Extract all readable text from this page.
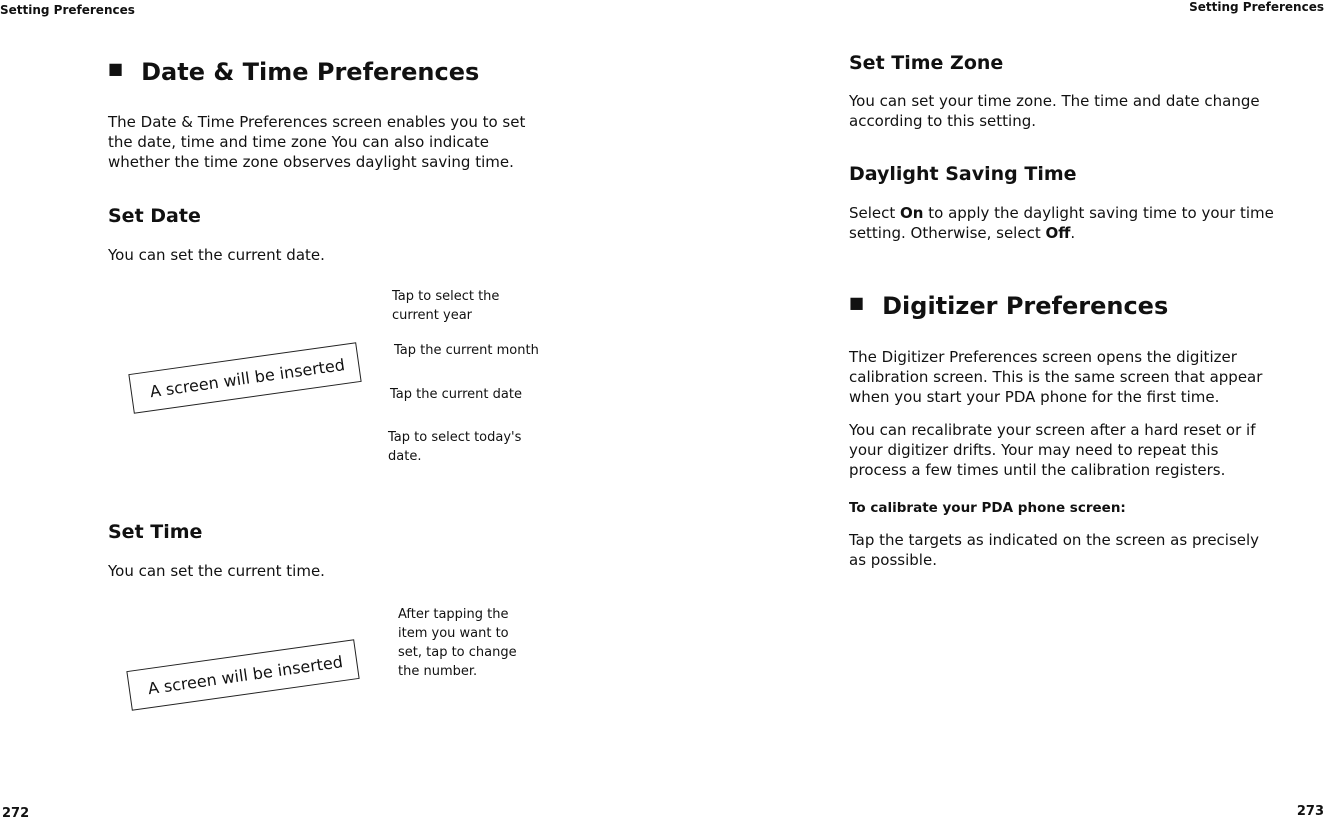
Setting Preferences
■ Date & Time Preferences
The Date & Time Preferences screen enables you to set
the date, time and time zone You can also indicate
whether the time zone observes daylight saving time.
Set Date
You can set the current date.
A screen will be inserted
Tap to select the
current year
Tap the current month
Tap the current date
Tap to select today's
date.
Set Time
You can set the current time.
A screen will be inserted
After tapping the
item you want to
set, tap to change
the number.
272
Setting Preferences
Set Time Zone
You can set your time zone. The time and date change
according to this setting.
Daylight Saving Time
Select On to apply the daylight saving time to your time
setting. Otherwise, select Off.
■ Digitizer Preferences
The Digitizer Preferences screen opens the digitizer
calibration screen. This is the same screen that appear
when you start your PDA phone for the first time.
You can recalibrate your screen after a hard reset or if
your digitizer drifts. Your may need to repeat this
process a few times until the calibration registers.
To calibrate your PDA phone screen:
Tap the targets as indicated on the screen as precisely
as possible.
273
